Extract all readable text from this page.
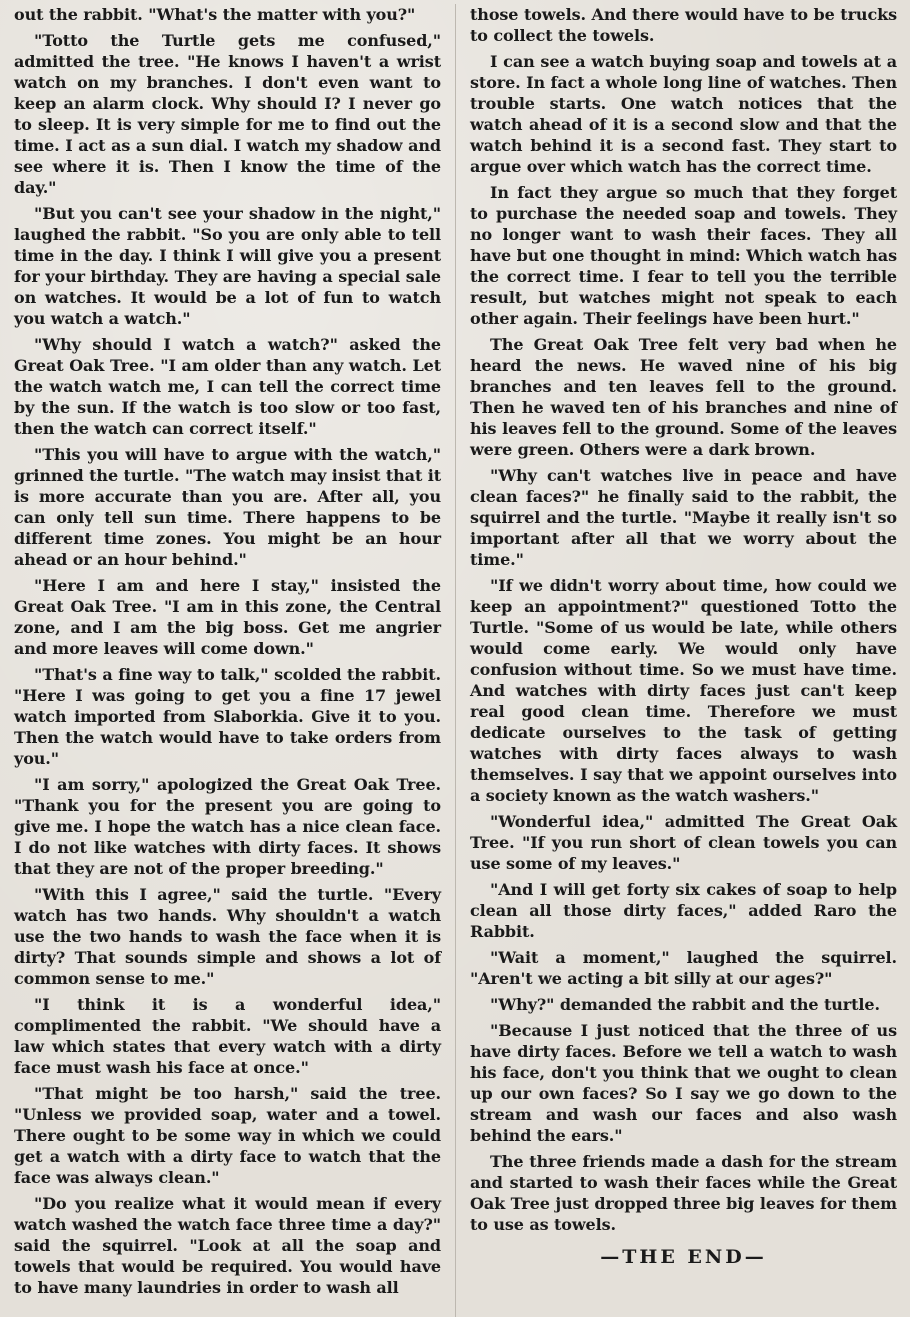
out the rabbit. "What's the matter with you?"

"Totto the Turtle gets me confused," admitted the tree. "He knows I haven't a wrist watch on my branches. I don't even want to keep an alarm clock. Why should I? I never go to sleep. It is very simple for me to find out the time. I act as a sun dial. I watch my shadow and see where it is. Then I know the time of the day."

"But you can't see your shadow in the night," laughed the rabbit. "So you are only able to tell time in the day. I think I will give you a present for your birthday. They are having a special sale on watches. It would be a lot of fun to watch you watch a watch."

"Why should I watch a watch?" asked the Great Oak Tree. "I am older than any watch. Let the watch watch me, I can tell the correct time by the sun. If the watch is too slow or too fast, then the watch can correct itself."

"This you will have to argue with the watch," grinned the turtle. "The watch may insist that it is more accurate than you are. After all, you can only tell sun time. There happens to be different time zones. You might be an hour ahead or an hour behind."

"Here I am and here I stay," insisted the Great Oak Tree. "I am in this zone, the Central zone, and I am the big boss. Get me angrier and more leaves will come down."

"That's a fine way to talk," scolded the rabbit. "Here I was going to get you a fine 17 jewel watch imported from Slaborkia. Give it to you. Then the watch would have to take orders from you."

"I am sorry," apologized the Great Oak Tree. "Thank you for the present you are going to give me. I hope the watch has a nice clean face. I do not like watches with dirty faces. It shows that they are not of the proper breeding."

"With this I agree," said the turtle. "Every watch has two hands. Why shouldn't a watch use the two hands to wash the face when it is dirty? That sounds simple and shows a lot of common sense to me."

"I think it is a wonderful idea," complimented the rabbit. "We should have a law which states that every watch with a dirty face must wash his face at once."

"That might be too harsh," said the tree. "Unless we provided soap, water and a towel. There ought to be some way in which we could get a watch with a dirty face to watch that the face was always clean."

"Do you realize what it would mean if every watch washed the watch face three time a day?" said the squirrel. "Look at all the soap and towels that would be required. You would have to have many laundries in order to wash all

those towels. And there would have to be trucks to collect the towels.

I can see a watch buying soap and towels at a store. In fact a whole long line of watches. Then trouble starts. One watch notices that the watch ahead of it is a second slow and that the watch behind it is a second fast. They start to argue over which watch has the correct time.

In fact they argue so much that they forget to purchase the needed soap and towels. They no longer want to wash their faces. They all have but one thought in mind: Which watch has the correct time. I fear to tell you the terrible result, but watches might not speak to each other again. Their feelings have been hurt."

The Great Oak Tree felt very bad when he heard the news. He waved nine of his big branches and ten leaves fell to the ground. Then he waved ten of his branches and nine of his leaves fell to the ground. Some of the leaves were green. Others were a dark brown.

"Why can't watches live in peace and have clean faces?" he finally said to the rabbit, the squirrel and the turtle. "Maybe it really isn't so important after all that we worry about the time."

"If we didn't worry about time, how could we keep an appointment?" questioned Totto the Turtle. "Some of us would be late, while others would come early. We would only have confusion without time. So we must have time. And watches with dirty faces just can't keep real good clean time. Therefore we must dedicate ourselves to the task of getting watches with dirty faces always to wash themselves. I say that we appoint ourselves into a society known as the watch washers."

"Wonderful idea," admitted The Great Oak Tree. "If you run short of clean towels you can use some of my leaves."

"And I will get forty six cakes of soap to help clean all those dirty faces," added Raro the Rabbit.

"Wait a moment," laughed the squirrel. "Aren't we acting a bit silly at our ages?"

"Why?" demanded the rabbit and the turtle.

"Because I just noticed that the three of us have dirty faces. Before we tell a watch to wash his face, don't you think that we ought to clean up our own faces? So I say we go down to the stream and wash our faces and also wash behind the ears."

The three friends made a dash for the stream and started to wash their faces while the Great Oak Tree just dropped three big leaves for them to use as towels.

—THE END—
